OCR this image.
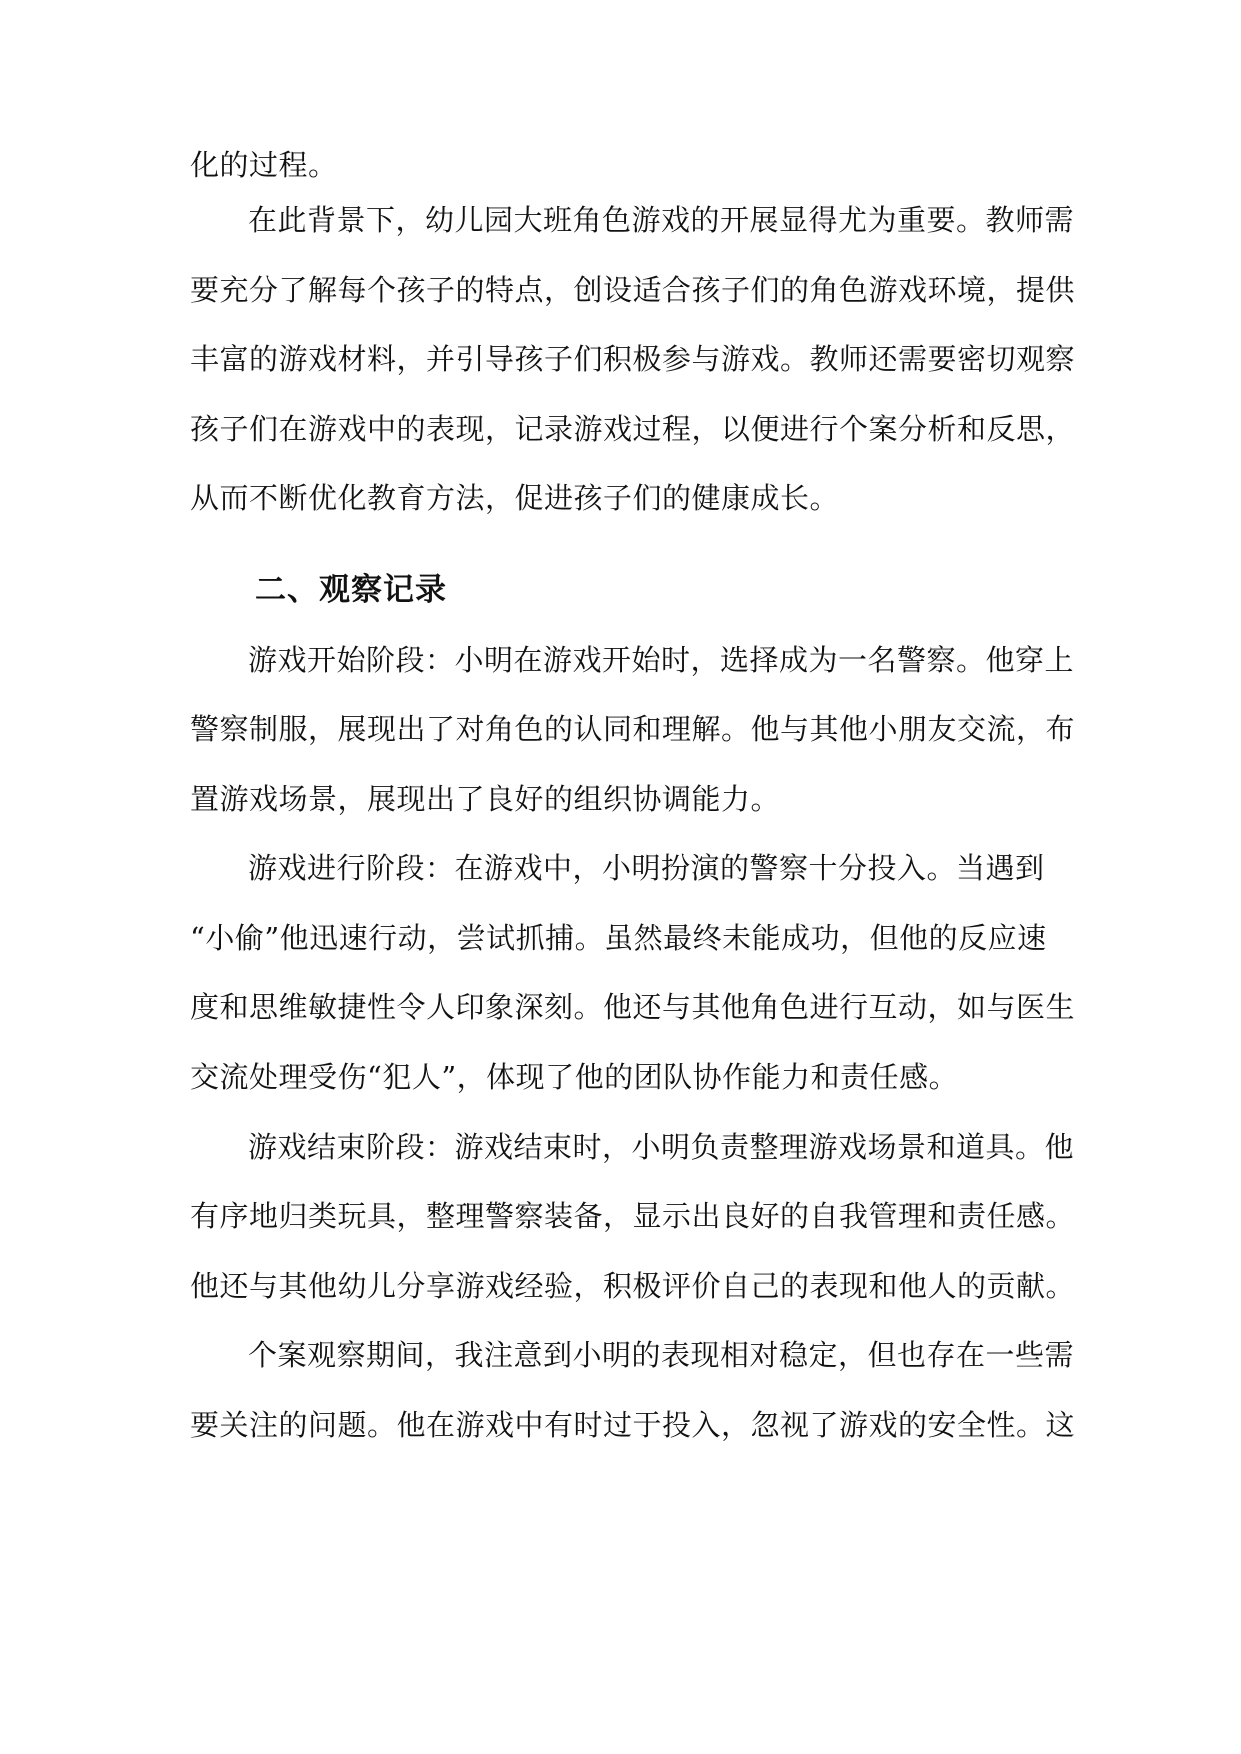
化的过程。
在此背景下，幼儿园大班角色游戏的开展显得尤为重要。教师需
要充分了解每个孩子的特点，创设适合孩子们的角色游戏环境，提供
丰富的游戏材料，并引导孩子们积极参与游戏。教师还需要密切观察
孩子们在游戏中的表现，记录游戏过程，以便进行个案分析和反思，
从而不断优化教育方法，促进孩子们的健康成长。
二、观察记录
游戏开始阶段：小明在游戏开始时，选择成为一名警察。他穿上
警察制服，展现出了对角色的认同和理解。他与其他小朋友交流，布
置游戏场景，展现出了良好的组织协调能力。
游戏进行阶段：在游戏中，小明扮演的警察十分投入。当遇到
“小偷”他迅速行动，尝试抓捕。虽然最终未能成功，但他的反应速
度和思维敏捷性令人印象深刻。他还与其他角色进行互动，如与医生
交流处理受伤“犯人”，体现了他的团队协作能力和责任感。
游戏结束阶段：游戏结束时，小明负责整理游戏场景和道具。他
有序地归类玩具，整理警察装备，显示出良好的自我管理和责任感。
他还与其他幼儿分享游戏经验，积极评价自己的表现和他人的贡献。
个案观察期间，我注意到小明的表现相对稳定，但也存在一些需
要关注的问题。他在游戏中有时过于投入，忽视了游戏的安全性。这
